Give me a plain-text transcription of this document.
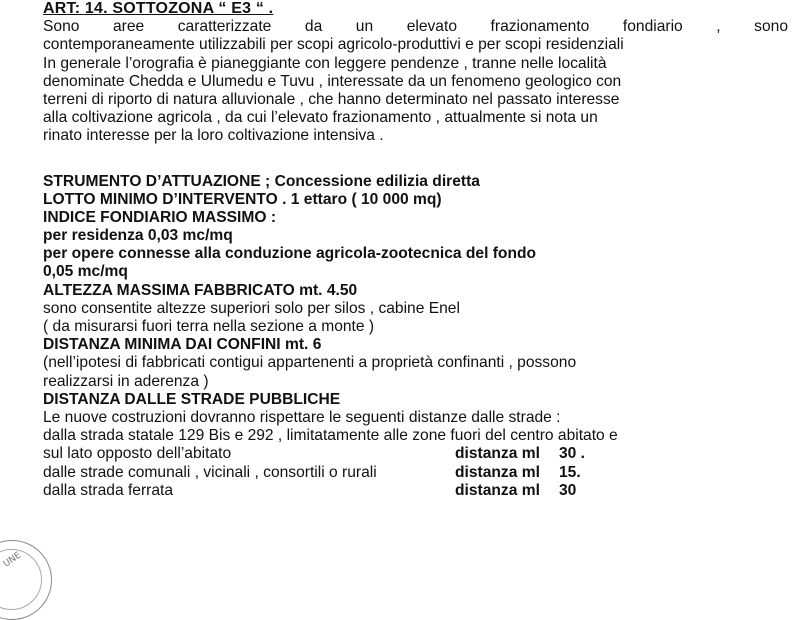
ART: 14. SOTTOZONA “ E3 “ .
Sono aree caratterizzate da un elevato frazionamento fondiario , sono
contemporaneamente utilizzabili per scopi agricolo-produttivi e per scopi residenziali
In generale l’orografia è pianeggiante con leggere pendenze , tranne nelle località
denominate Chedda e Ulumedu e Tuvu , interessate da un fenomeno geologico con
terreni di riporto di natura alluvionale , che hanno determinato nel passato interesse
alla coltivazione agricola , da cui l’elevato frazionamento , attualmente si nota un
rinato interesse per la loro coltivazione intensiva .
STRUMENTO D’ATTUAZIONE ; Concessione edilizia diretta
LOTTO MINIMO D’INTERVENTO . 1 ettaro ( 10 000 mq)
INDICE FONDIARIO MASSIMO :
per residenza 0,03 mc/mq
per opere connesse alla conduzione agricola-zootecnica del fondo
0,05 mc/mq
ALTEZZA MASSIMA FABBRICATO mt. 4.50
sono consentite altezze superiori solo per silos , cabine Enel
( da misurarsi fuori terra nella sezione a monte )
DISTANZA MINIMA DAI CONFINI mt. 6
(nell’ipotesi di fabbricati contigui appartenenti a proprietà confinanti , possono
realizzarsi in aderenza )
DISTANZA DALLE STRADE PUBBLICHE
Le nuove costruzioni dovranno rispettare le seguenti distanze dalle strade :
dalla strada statale 129 Bis e 292 , limitatamente alle zone fuori del centro abitato e
sul lato opposto dell’abitato	distanza ml	30 .
dalle strade comunali , vicinali , consortili o rurali	distanza ml	15.
dalla strada ferrata	distanza ml	30
UNE
